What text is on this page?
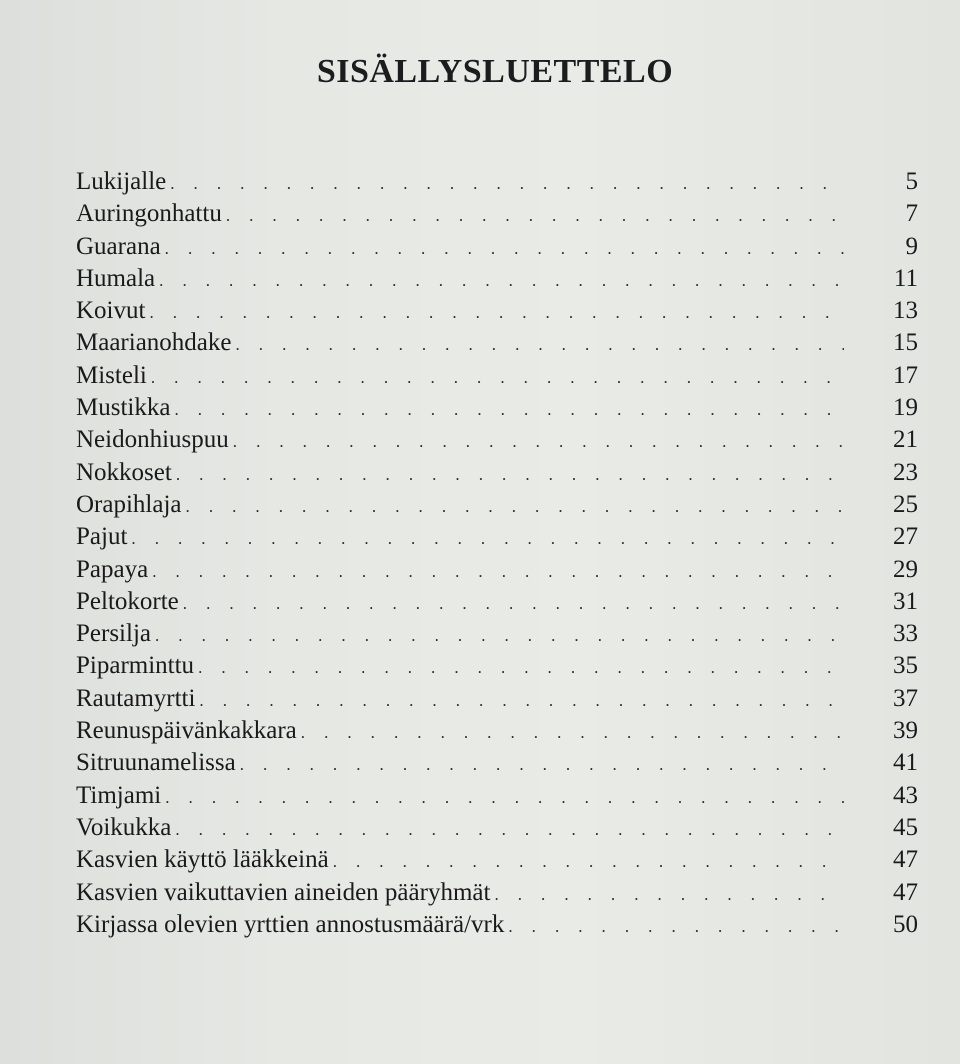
SISÄLLYSLUETTELO
Lukijalle . . .	5
Auringonhattu . . .	7
Guarana . . .	9
Humala . . .	11
Koivut . . .	13
Maarianohdake . . .	15
Misteli . . .	17
Mustikka . . .	19
Neidonhiuspuu . . .	21
Nokkoset . . .	23
Orapihlaja . . .	25
Pajut . . .	27
Papaya . . .	29
Peltokorte . . .	31
Persilja . . .	33
Piparminttu . . .	35
Rautamyrtti . . .	37
Reunuspäivänkakkara . . .	39
Sitruunamelissa . . .	41
Timjami . . .	43
Voikukka . . .	45
Kasvien käyttö lääkkeinä . . .	47
Kasvien vaikuttavien aineiden pääryhmät . . .	47
Kirjassa olevien yrttien annostusmäärä/vrk . . .	50
